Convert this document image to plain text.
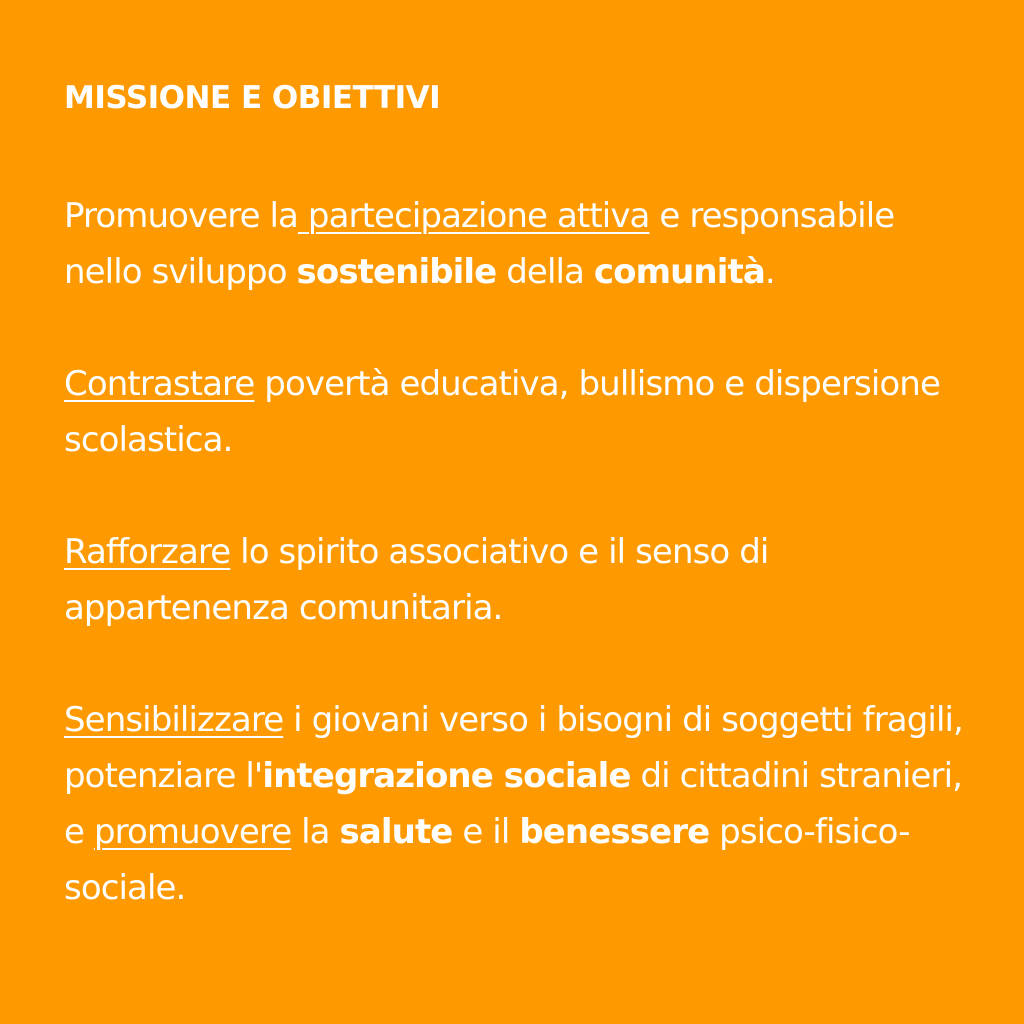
MISSIONE E OBIETTIVI

Promuovere la partecipazione attiva e responsabile nello sviluppo sostenibile della comunità.

Contrastare povertà educativa, bullismo e dispersione scolastica.

Rafforzare lo spirito associativo e il senso di appartenenza comunitaria.

Sensibilizzare i giovani verso i bisogni di soggetti fragili, potenziare l'integrazione sociale di cittadini stranieri, e promuovere la salute e il benessere psico-fisico-sociale.
